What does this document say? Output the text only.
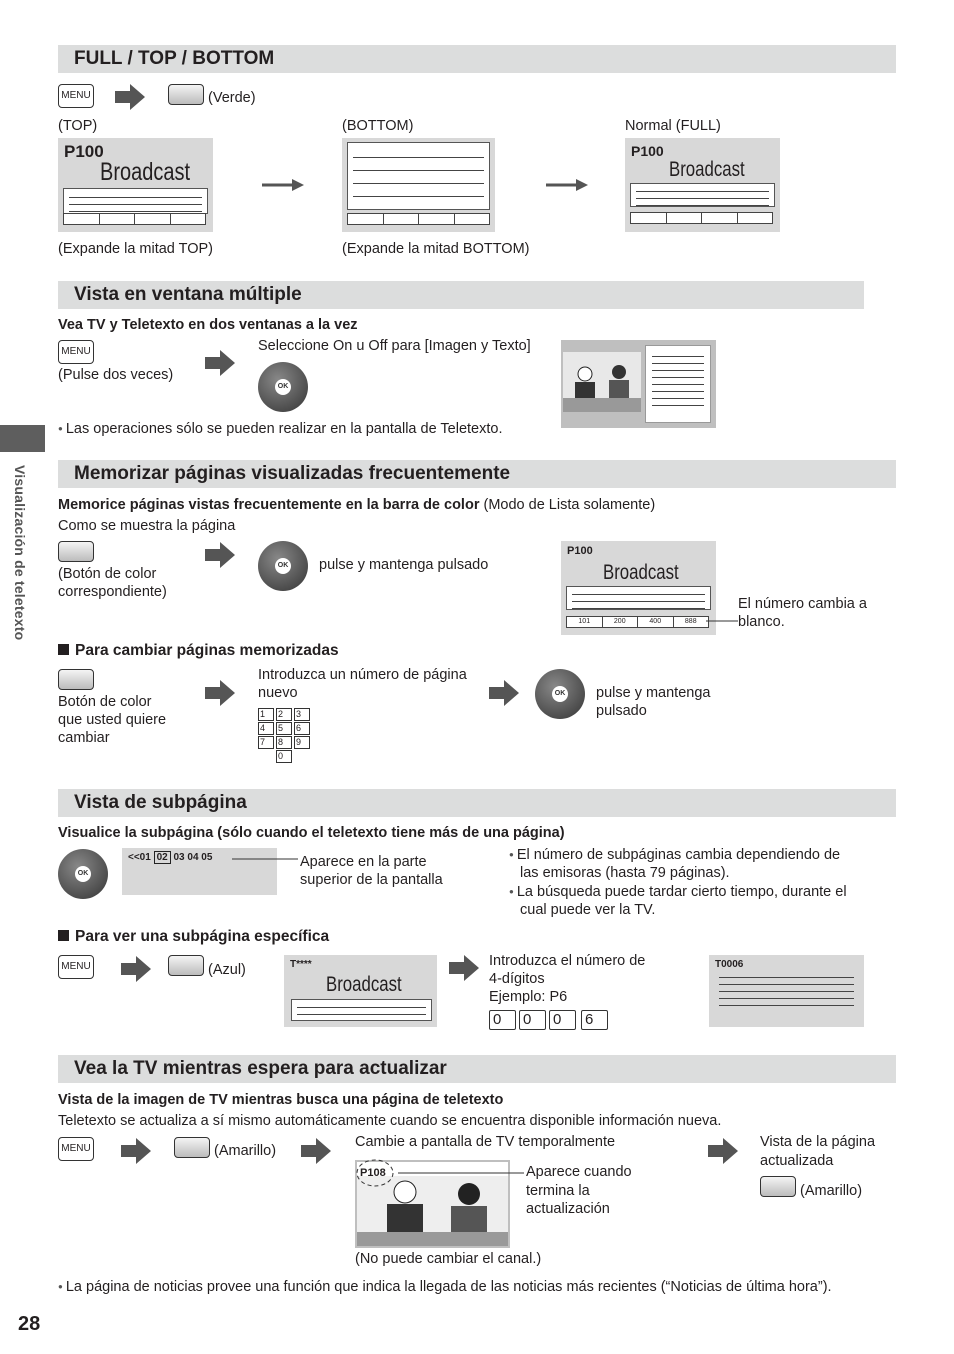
Visualización de teletexto
28
FULL / TOP / BOTTOM
MENU	(Verde)
(TOP)	(BOTTOM)	Normal (FULL)
P100
Broadcast
P100
Broadcast
(Expande la mitad TOP)	(Expande la mitad BOTTOM)
Vista en ventana múltiple
Vea TV y Teletexto en dos ventanas a la vez
MENU
(Pulse dos veces)
Seleccione On u Off para [Imagen y Texto]
OK
● Las operaciones sólo se pueden realizar en la pantalla de Teletexto.
Memorizar páginas visualizadas frecuentemente
Memorice páginas vistas frecuentemente en la barra de color (Modo de Lista solamente)
Como se muestra la página
(Botón de color
correspondiente)
OK pulse y mantenga pulsado
P100
Broadcast
101	200	400	888
El número cambia a
blanco.
Para cambiar páginas memorizadas
Botón de color
que usted quiere
cambiar
Introduzca un número de página
nuevo
1	2	3
4	5	6
7	8	9
0
OK pulse y mantenga
pulsado
Vista de subpágina
Visualice la subpágina (sólo cuando el teletexto tiene más de una página)
OK
<<01 02 03 04 05	Aparece en la parte
superior de la pantalla
● El número de subpáginas cambia dependiendo de
las emisoras (hasta 79 páginas).
● La búsqueda puede tardar cierto tiempo, durante el
cual puede ver la TV.
Para ver una subpágina específica
MENU	(Azul)	T****
Broadcast
Introduzca el número de
4-dígitos
Ejemplo: P6
0	0	0	6
T0006
Vea la TV mientras espera para actualizar
Vista de la imagen de TV mientras busca una página de teletexto
Teletexto se actualiza a sí mismo automáticamente cuando se encuentra disponible información nueva.
MENU	(Amarillo)
Cambie a pantalla de TV temporalmente
P108	Aparece cuando
termina la
actualización
(No puede cambiar el canal.)
Vista de la página
actualizada
(Amarillo)
● La página de noticias provee una función que indica la llegada de las noticias más recientes (“Noticias de última hora”).
